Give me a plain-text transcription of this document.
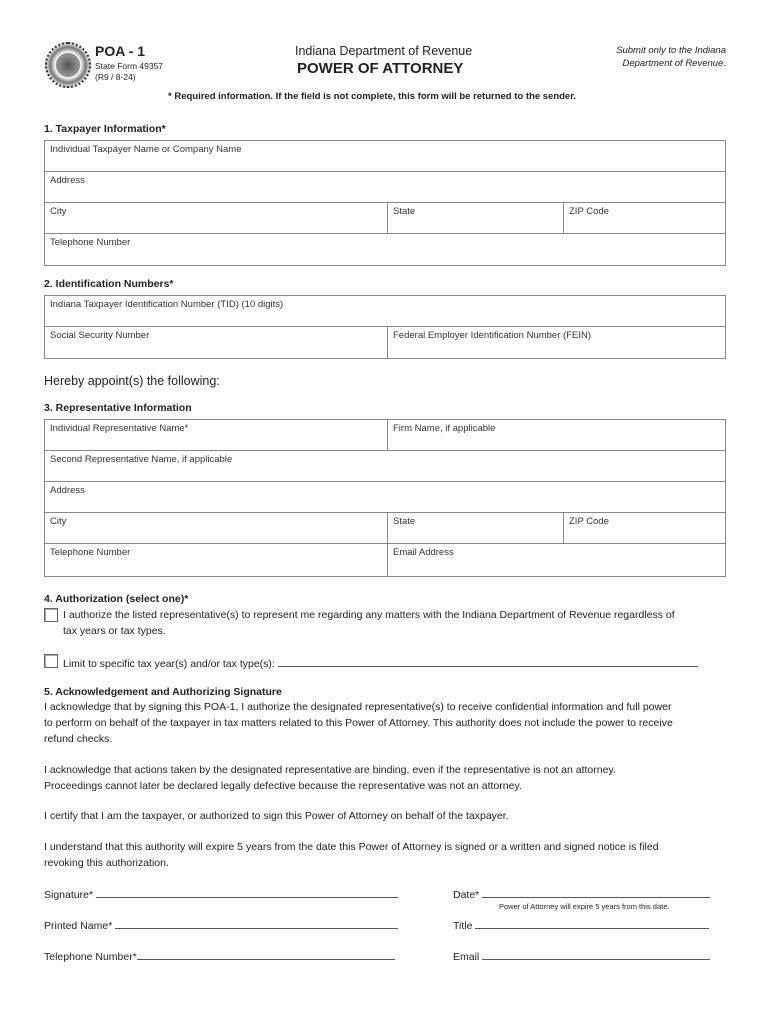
POA - 1
State Form 49357
(R9 / 8-24)
Indiana Department of Revenue
POWER OF ATTORNEY
Submit only to the Indiana
Department of Revenue.
* Required information. If the field is not complete, this form will be returned to the sender.
1. Taxpayer Information*
Individual Taxpayer Name or Company Name
Address
City	State	ZIP Code
Telephone Number
2. Identification Numbers*
Indiana Taxpayer Identification Number (TID) (10 digits)
Social Security Number	Federal Employer Identification Number (FEIN)
Hereby appoint(s) the following:
3. Representative Information
Individual Representative Name*	Firm Name, if applicable
Second Representative Name, if applicable
Address
City	State	ZIP Code
Telephone Number	Email Address
4. Authorization (select one)*
I authorize the listed representative(s) to represent me regarding any matters with the Indiana Department of Revenue regardless of
tax years or tax types.
Limit to specific tax year(s) and/or tax type(s):
5. Acknowledgement and Authorizing Signature
I acknowledge that by signing this POA-1, I authorize the designated representative(s) to receive confidential information and full power
to perform on behalf of the taxpayer in tax matters related to this Power of Attorney. This authority does not include the power to receive
refund checks.
I acknowledge that actions taken by the designated representative are binding, even if the representative is not an attorney.
Proceedings cannot later be declared legally defective because the representative was not an attorney.
I certify that I am the taxpayer, or authorized to sign this Power of Attorney on behalf of the taxpayer.
I understand that this authority will expire 5 years from the date this Power of Attorney is signed or a written and signed notice is filed
revoking this authorization.
Signature*	Date*
Power of Attorney will expire 5 years from this date.
Printed Name*	Title
Telephone Number*	Email
